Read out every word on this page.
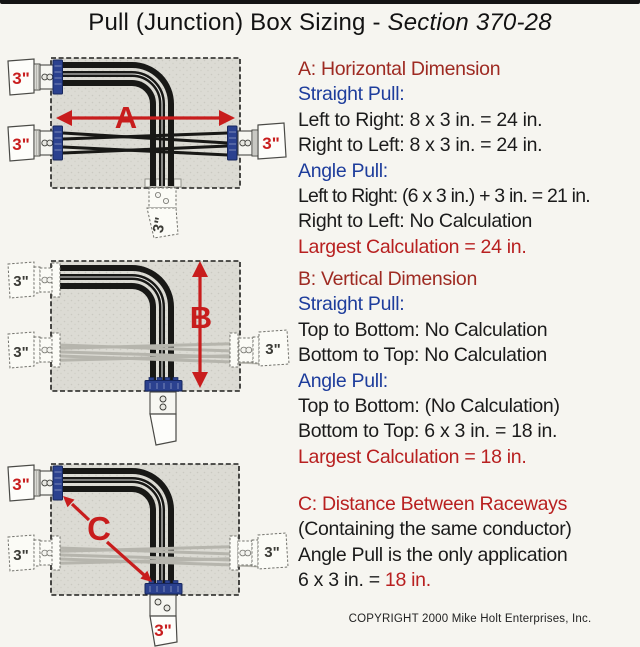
Pull (Junction) Box Sizing - Section 370-28
3"
3"
3"	3"
A
3"
3"	3"
B
3"
3"	3"
3"
C
A: Horizontal Dimension
Straight Pull:
Left to Right: 8 x 3 in. = 24 in.
Right to Left: 8 x 3 in. = 24 in.
Angle Pull:
Left to Right: (6 x 3 in.) + 3 in. = 21 in.
Right to Left: No Calculation
Largest Calculation = 24 in.
B: Vertical Dimension
Straight Pull:
Top to Bottom: No Calculation
Bottom to Top: No Calculation
Angle Pull:
Top to Bottom: (No Calculation)
Bottom to Top: 6 x 3 in. = 18 in.
Largest Calculation = 18 in.
C: Distance Between Raceways
(Containing the same conductor)
Angle Pull is the only application
6 x 3 in. = 18 in.
COPYRIGHT 2000 Mike Holt Enterprises, Inc.
